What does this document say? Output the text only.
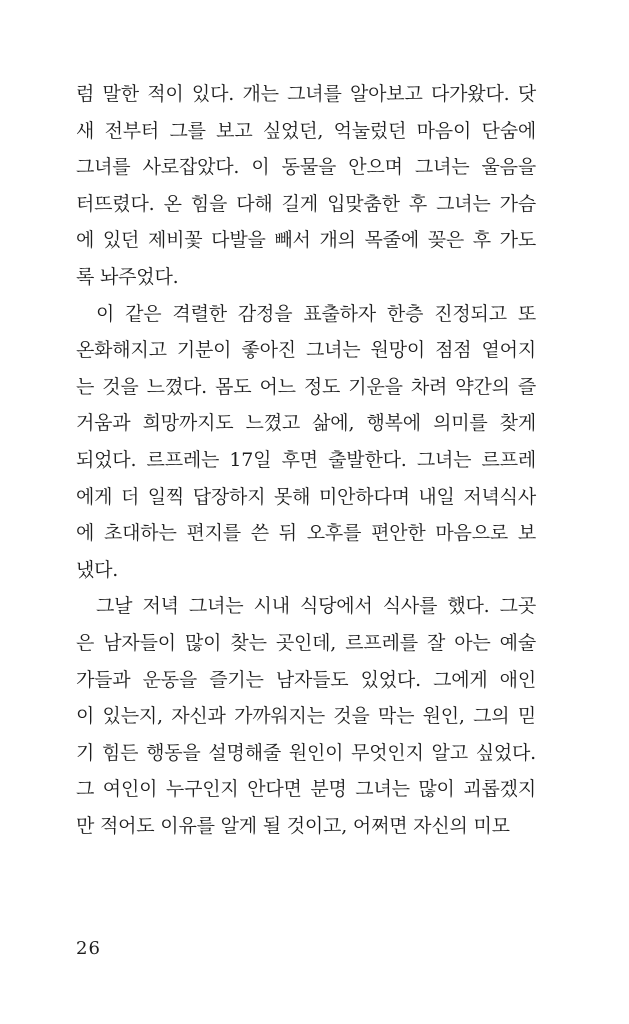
럼 말한 적이 있다. 개는 그녀를 알아보고 다가왔다. 닷
새 전부터 그를 보고 싶었던, 억눌렀던 마음이 단숨에
그녀를 사로잡았다. 이 동물을 안으며 그녀는 울음을
터뜨렸다. 온 힘을 다해 길게 입맞춤한 후 그녀는 가슴
에 있던 제비꽃 다발을 빼서 개의 목줄에 꽂은 후 가도
록 놔주었다.
이 같은 격렬한 감정을 표출하자 한층 진정되고 또
온화해지고 기분이 좋아진 그녀는 원망이 점점 옅어지
는 것을 느꼈다. 몸도 어느 정도 기운을 차려 약간의 즐
거움과 희망까지도 느꼈고 삶에, 행복에 의미를 찾게
되었다. 르프레는 17일 후면 출발한다. 그녀는 르프레
에게 더 일찍 답장하지 못해 미안하다며 내일 저녁식사
에 초대하는 편지를 쓴 뒤 오후를 편안한 마음으로 보
냈다.
그날 저녁 그녀는 시내 식당에서 식사를 했다. 그곳
은 남자들이 많이 찾는 곳인데, 르프레를 잘 아는 예술
가들과 운동을 즐기는 남자들도 있었다. 그에게 애인
이 있는지, 자신과 가까워지는 것을 막는 원인, 그의 믿
기 힘든 행동을 설명해줄 원인이 무엇인지 알고 싶었다.
그 여인이 누구인지 안다면 분명 그녀는 많이 괴롭겠지
만 적어도 이유를 알게 될 것이고, 어쩌면 자신의 미모
26
